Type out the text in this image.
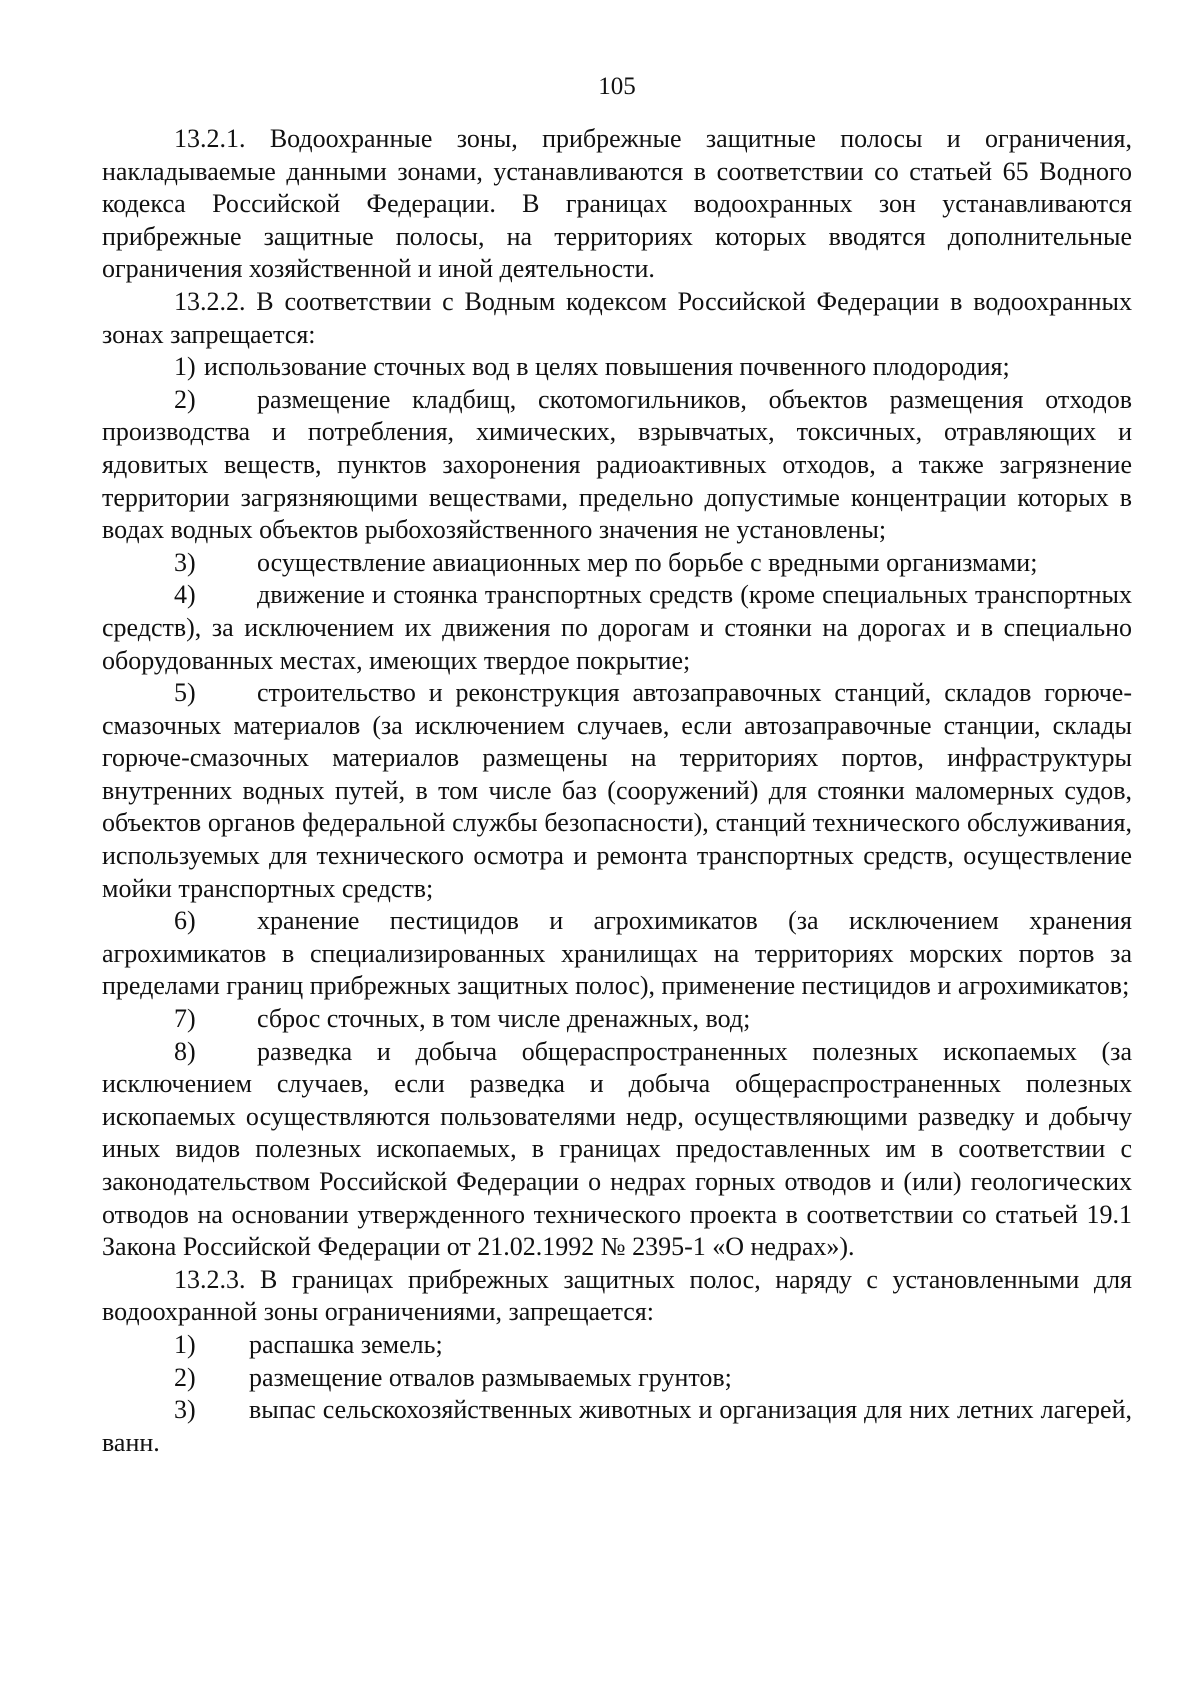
105

13.2.1. Водоохранные зоны, прибрежные защитные полосы и ограничения, накладываемые данными зонами, устанавливаются в соответствии со статьей 65 Водного кодекса Российской Федерации. В границах водоохранных зон устанавливаются прибрежные защитные полосы, на территориях которых вводятся дополнительные ограничения хозяйственной и иной деятельности.

13.2.2. В соответствии с Водным кодексом Российской Федерации в водоохранных зонах запрещается:

1) использование сточных вод в целях повышения почвенного плодородия;

2) размещение кладбищ, скотомогильников, объектов размещения отходов производства и потребления, химических, взрывчатых, токсичных, отравляющих и ядовитых веществ, пунктов захоронения радиоактивных отходов, а также загрязнение территории загрязняющими веществами, предельно допустимые концентрации которых в водах водных объектов рыбохозяйственного значения не установлены;

3) осуществление авиационных мер по борьбе с вредными организмами;

4) движение и стоянка транспортных средств (кроме специальных транспортных средств), за исключением их движения по дорогам и стоянки на дорогах и в специально оборудованных местах, имеющих твердое покрытие;

5) строительство и реконструкция автозаправочных станций, складов горюче-смазочных материалов (за исключением случаев, если автозаправочные станции, склады горюче-смазочных материалов размещены на территориях портов, инфраструктуры внутренних водных путей, в том числе баз (сооружений) для стоянки маломерных судов, объектов органов федеральной службы безопасности), станций технического обслуживания, используемых для технического осмотра и ремонта транспортных средств, осуществление мойки транспортных средств;

6) хранение пестицидов и агрохимикатов (за исключением хранения агрохимикатов в специализированных хранилищах на территориях морских портов за пределами границ прибрежных защитных полос), применение пестицидов и агрохимикатов;

7) сброс сточных, в том числе дренажных, вод;

8) разведка и добыча общераспространенных полезных ископаемых (за исключением случаев, если разведка и добыча общераспространенных полезных ископаемых осуществляются пользователями недр, осуществляющими разведку и добычу иных видов полезных ископаемых, в границах предоставленных им в соответствии с законодательством Российской Федерации о недрах горных отводов и (или) геологических отводов на основании утвержденного технического проекта в соответствии со статьей 19.1 Закона Российской Федерации от 21.02.1992 № 2395-1 «О недрах»).

13.2.3. В границах прибрежных защитных полос, наряду с установленными для водоохранной зоны ограничениями, запрещается:

1) распашка земель;

2) размещение отвалов размываемых грунтов;

3) выпас сельскохозяйственных животных и организация для них летних лагерей, ванн.
